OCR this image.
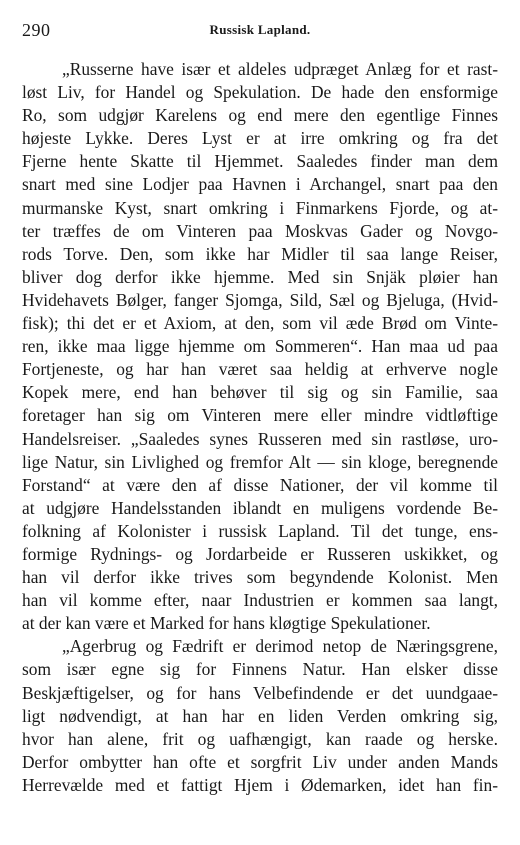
290	Russisk Lapland.
„Russerne have især et aldeles udpræget Anlæg for et rast-
løst Liv, for Handel og Spekulation. De hade den ensformige
Ro, som udgjør Karelens og end mere den egentlige Finnes
højeste Lykke. Deres Lyst er at irre omkring og fra det
Fjerne hente Skatte til Hjemmet. Saaledes finder man dem
snart med sine Lodjer paa Havnen i Archangel, snart paa den
murmanske Kyst, snart omkring i Finmarkens Fjorde, og at-
ter træffes de om Vinteren paa Moskvas Gader og Novgo-
rods Torve. Den, som ikke har Midler til saa lange Reiser,
bliver dog derfor ikke hjemme. Med sin Snjäk pløier han
Hvidehavets Bølger, fanger Sjomga, Sild, Sæl og Bjeluga, (Hvid-
fisk); thi det er et Axiom, at den, som vil æde Brød om Vinte-
ren, ikke maa ligge hjemme om Sommeren“. Han maa ud paa
Fortjeneste, og har han været saa heldig at erhverve nogle
Kopek mere, end han behøver til sig og sin Familie, saa
foretager han sig om Vinteren mere eller mindre vidtløftige
Handelsreiser. „Saaledes synes Russeren med sin rastløse, uro-
lige Natur, sin Livlighed og fremfor Alt — sin kloge, beregnende
Forstand“ at være den af disse Nationer, der vil komme til
at udgjøre Handelsstanden iblandt en muligens vordende Be-
folkning af Kolonister i russisk Lapland. Til det tunge, ens-
formige Rydnings- og Jordarbeide er Russeren uskikket, og
han vil derfor ikke trives som begyndende Kolonist. Men
han vil komme efter, naar Industrien er kommen saa langt,
at der kan være et Marked for hans kløgtige Spekulationer.
„Agerbrug og Fædrift er derimod netop de Næringsgrene,
som især egne sig for Finnens Natur. Han elsker disse
Beskjæftigelser, og for hans Velbefindende er det uundgaae-
ligt nødvendigt, at han har en liden Verden omkring sig,
hvor han alene, frit og uafhængigt, kan raade og herske.
Derfor ombytter han ofte et sorgfrit Liv under anden Mands
Herrevælde med et fattigt Hjem i Ødemarken, idet han fin-
